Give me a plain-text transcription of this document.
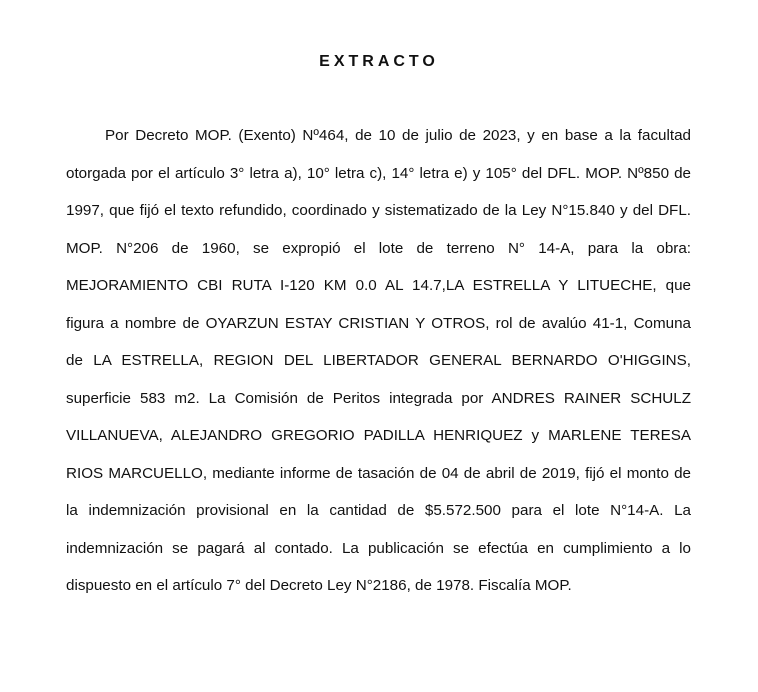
EXTRACTO
Por Decreto MOP. (Exento) Nº464, de 10 de julio de 2023, y en base a la facultad
otorgada por el artículo 3° letra a), 10° letra c), 14° letra e) y 105° del DFL. MOP. Nº850 de
1997, que fijó el texto refundido, coordinado y sistematizado de la Ley N°15.840 y del DFL.
MOP. N°206 de 1960, se expropió el lote de terreno N° 14-A, para la obra:
MEJORAMIENTO CBI RUTA I-120 KM 0.0 AL 14.7,LA ESTRELLA Y LITUECHE, que
figura a nombre de OYARZUN ESTAY CRISTIAN Y OTROS, rol de avalúo 41-1, Comuna
de LA ESTRELLA, REGION DEL LIBERTADOR GENERAL BERNARDO O'HIGGINS,
superficie 583 m2. La Comisión de Peritos integrada por ANDRES RAINER SCHULZ
VILLANUEVA, ALEJANDRO GREGORIO PADILLA HENRIQUEZ y MARLENE TERESA
RIOS MARCUELLO, mediante informe de tasación de 04 de abril de 2019, fijó el monto de
la indemnización provisional en la cantidad de $5.572.500 para el lote N°14-A. La
indemnización se pagará al contado. La publicación se efectúa en cumplimiento a lo
dispuesto en el artículo 7° del Decreto Ley N°2186, de 1978. Fiscalía MOP.
